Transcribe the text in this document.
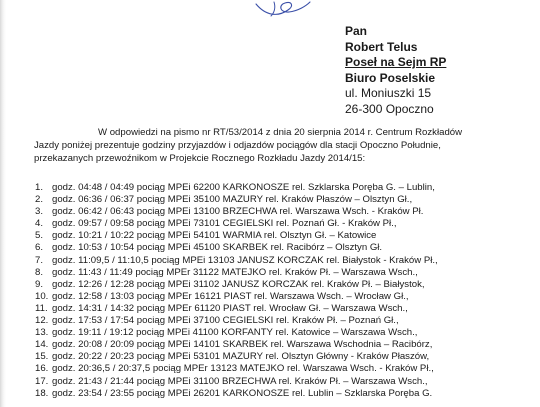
Pan
Robert Telus
Poseł na Sejm RP
Biuro Poselskie
ul. Moniuszki 15
26-300 Opoczno
W odpowiedzi na pismo nr RT/53/2014 z dnia 20 sierpnia 2014 r. Centrum Rozkładów
Jazdy poniżej prezentuje godziny przyjazdów i odjazdów pociągów dla stacji Opoczno Południe,
przekazanych przewoźnikom w Projekcie Rocznego Rozkładu Jazdy 2014/15:
1. godz. 04:48 / 04:49 pociąg MPEi 62200 KARKONOSZE rel. Szklarska Poręba G. – Lublin,
2. godz. 06:36 / 06:37 pociąg MPEi 35100 MAZURY rel. Kraków Płaszów – Olsztyn Gł.,
3. godz. 06:42 / 06:43 pociąg MPEi 13100 BRZECHWA rel. Warszawa Wsch. - Kraków Pł.
4. godz. 09:57 / 09:58 pociąg MPEi 73101 CEGIELSKI rel. Poznań Gł. - Kraków Pł.,
5. godz. 10:21 / 10:22 pociąg MPEi 54101 WARMIA rel. Olsztyn Gł. – Katowice
6. godz. 10:53 / 10:54 pociąg MPEi 45100 SKARBEK rel. Racibórz – Olsztyn Gł.
7. godz. 11:09,5 / 11:10,5 pociąg MPEi 13103 JANUSZ KORCZAK rel. Białystok - Kraków Pł.,
8. godz. 11:43 / 11:49 pociąg MPEr 31122 MATEJKO rel. Kraków Pł. – Warszawa Wsch.,
9. godz. 12:26 / 12:28 pociąg MPEi 31102 JANUSZ KORCZAK rel. Kraków Pł. – Białystok,
10. godz. 12:58 / 13:03 pociąg MPEr 16121 PIAST rel. Warszawa Wsch. – Wrocław Gł.,
11. godz. 14:31 / 14:32 pociąg MPEr 61120 PIAST rel. Wrocław Gł. – Warszawa Wsch.,
12. godz. 17:53 / 17:54 pociąg MPEi 37100 CEGIELSKI rel. Kraków Pł. – Poznań Gł.,
13. godz. 19:11 / 19:12 pociąg MPEi 41100 KORFANTY rel. Katowice – Warszawa Wsch.,
14. godz. 20:08 / 20:09 pociąg MPEi 14101 SKARBEK rel. Warszawa Wschodnia – Racibórz,
15. godz. 20:22 / 20:23 pociąg MPEi 53101 MAZURY rel. Olsztyn Główny - Kraków Płaszów,
16. godz. 20:36,5 / 20:37,5 pociąg MPEr 13123 MATEJKO rel. Warszawa Wsch. - Kraków Pł.,
17. godz. 21:43 / 21:44 pociąg MPEi 31100 BRZECHWA rel. Kraków Pł. – Warszawa Wsch.,
18. godz. 23:54 / 23:55 pociąg MPEi 26201 KARKONOSZE rel. Lublin – Szklarska Poręba G.
